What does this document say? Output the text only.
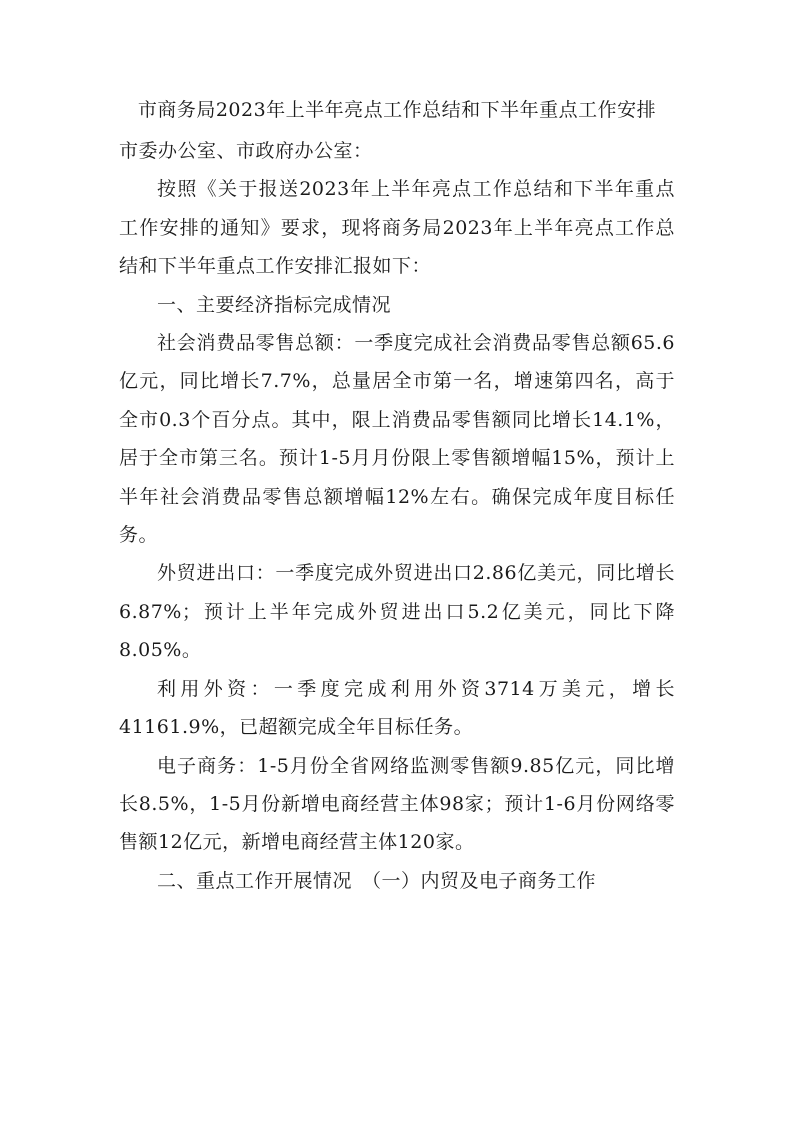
市商务局2023年上半年亮点工作总结和下半年重点工作安排

市委办公室、市政府办公室：

按照《关于报送2023年上半年亮点工作总结和下半年重点工作安排的通知》要求，现将商务局2023年上半年亮点工作总结和下半年重点工作安排汇报如下：

一、主要经济指标完成情况

社会消费品零售总额：一季度完成社会消费品零售总额65.6亿元，同比增长7.7%，总量居全市第一名，增速第四名，高于全市0.3个百分点。其中，限上消费品零售额同比增长14.1%，居于全市第三名。预计1-5月月份限上零售额增幅15%，预计上半年社会消费品零售总额增幅12%左右。确保完成年度目标任务。

外贸进出口：一季度完成外贸进出口2.86亿美元，同比增长6.87%；预计上半年完成外贸进出口5.2亿美元，同比下降8.05%。

利用外资：一季度完成利用外资3714万美元，增长41161.9%，已超额完成全年目标任务。

电子商务：1-5月份全省网络监测零售额9.85亿元，同比增长8.5%，1-5月份新增电商经营主体98家；预计1-6月份网络零售额12亿元，新增电商经营主体120家。

二、重点工作开展情况　（一）内贸及电子商务工作
